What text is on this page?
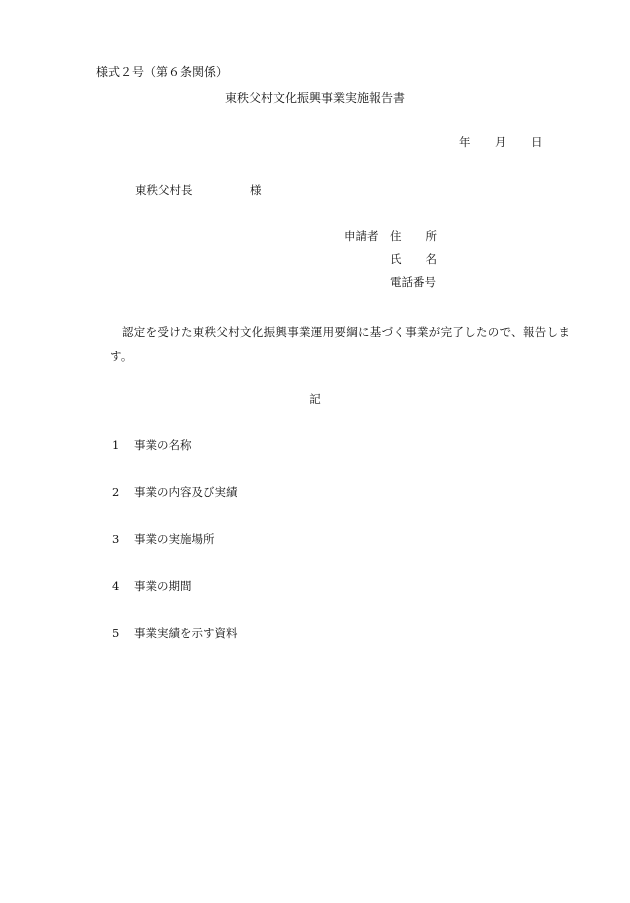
様式２号（第６条関係）
東秩父村文化振興事業実施報告書
年 月 日
東秩父村長	様
申請者 住 所
氏 名
電話番号
認定を受けた東秩父村文化振興事業運用要綱に基づく事業が完了したので、報告します。
記
1 事業の名称
2 事業の内容及び実績
3 事業の実施場所
4 事業の期間
5 事業実績を示す資料
